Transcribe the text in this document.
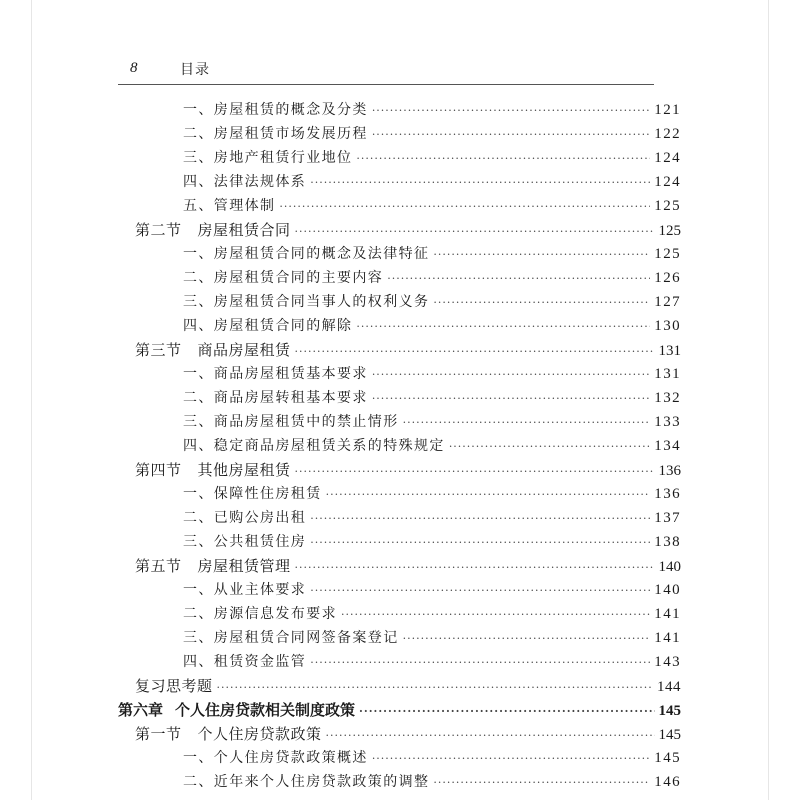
8	目录
一、房屋租赁的概念及分类 ·····	121
二、房屋租赁市场发展历程 ·····	122
三、房地产租赁行业地位 ·····	124
四、法律法规体系 ·····	124
五、管理体制 ·····	125
第二节 房屋租赁合同 ·····	125
一、房屋租赁合同的概念及法律特征 ·····	125
二、房屋租赁合同的主要内容 ·····	126
三、房屋租赁合同当事人的权利义务 ·····	127
四、房屋租赁合同的解除 ·····	130
第三节 商品房屋租赁 ·····	131
一、商品房屋租赁基本要求 ·····	131
二、商品房屋转租基本要求 ·····	132
三、商品房屋租赁中的禁止情形 ·····	133
四、稳定商品房屋租赁关系的特殊规定 ·····	134
第四节 其他房屋租赁 ·····	136
一、保障性住房租赁 ·····	136
二、已购公房出租 ·····	137
三、公共租赁住房 ·····	138
第五节 房屋租赁管理 ·····	140
一、从业主体要求 ·····	140
二、房源信息发布要求 ·····	141
三、房屋租赁合同网签备案登记 ·····	141
四、租赁资金监管 ·····	143
复习思考题 ·····	144
第六章 个人住房贷款相关制度政策 ·····	145
第一节 个人住房贷款政策 ·····	145
一、个人住房贷款政策概述 ·····	145
二、近年来个人住房贷款政策的调整 ·····	146
